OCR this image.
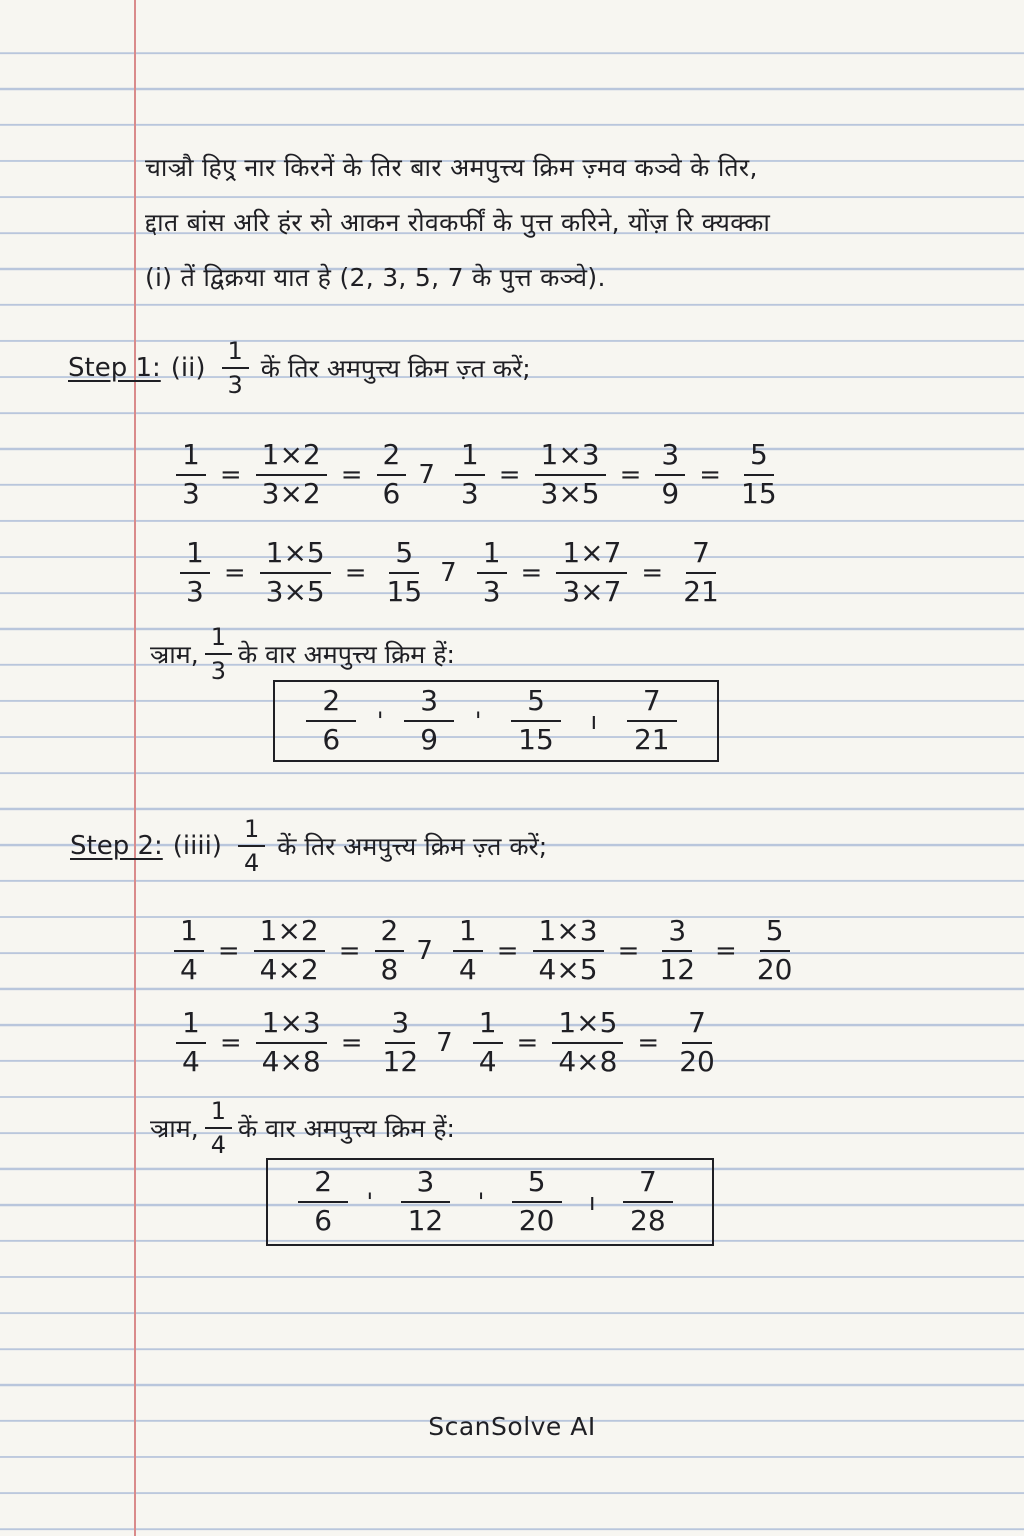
चाञ्रौ हिए्र नार किरनें के तिर बार अमपुत्त्य क्रिम ज़्मव कञ्वे के तिर,
द्दात बांस अरि हंर रुो आकन रोवकर्फीं के पुत्त करिने, योंज़ रि क्यक्का
(i) तें द्विक्रया यात हे (2, 3, 5, 7 के पुत्त कञ्वे).
Step 1: $(ii) \frac{1}{3}$ कें तिर अमपुत्त्य क्रिम ज़्त करें;
$\frac{1}{3} = \frac{1\times 2}{3\times 2} = \frac{2}{6} 7 \frac{1}{3} = \frac{1\times 3}{3\times 5} = \frac{3}{9} = \frac{5}{15}$
$\frac{1}{3} = \frac{1\times 5}{3\times 5} = \frac{5}{15} 7 \frac{1}{3} = \frac{1\times 7}{3\times 7} = \frac{7}{21}$
ञ्राम, $\frac{1}{3}$ के वार अमपुत्त्य क्रिम हें:
$\frac{2}{6}$ ' $\frac{3}{9}$ ' $\frac{5}{15}$ ı $\frac{7}{21}$
Step 2: (iiii) $\frac{1}{4}$ कें तिर अमपुत्त्य क्रिम ज़्त करें;
$\frac{1}{4} = \frac{1\times 2}{4\times 2} = \frac{2}{8} 7 \frac{1}{4} = \frac{1\times 3}{4\times 5} = \frac{3}{12} = \frac{5}{20}$
$\frac{1}{4} = \frac{1\times 3}{4\times 8} = \frac{3}{12} 7 \frac{1}{4} = \frac{1\times 5}{4\times 8} = \frac{7}{20}$
ञ्राम, $\frac{1}{4}$ कें वार अमपुत्त्य क्रिम हें:
$\frac{2}{6}$ ' $\frac{3}{12}$ ' $\frac{5}{20}$ ı $\frac{7}{28}$
ScanSolve AI
